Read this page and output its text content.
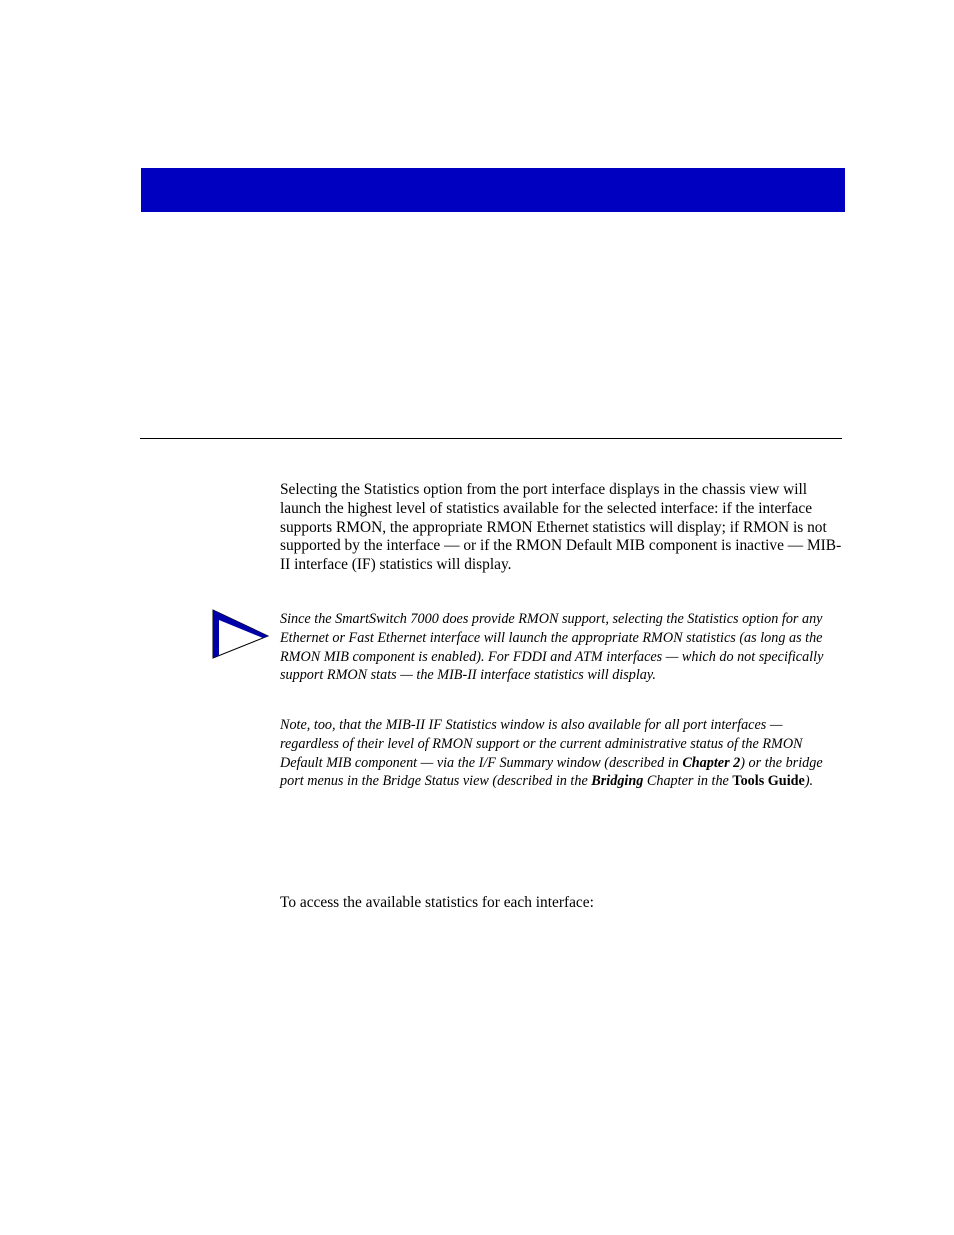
Selecting the Statistics option from the port interface displays in the chassis view will launch the highest level of statistics available for the selected interface: if the interface supports RMON, the appropriate RMON Ethernet statistics will display; if RMON is not supported by the interface — or if the RMON Default MIB component is inactive — MIB-II interface (IF) statistics will display.

Since the SmartSwitch 7000 does provide RMON support, selecting the Statistics option for any Ethernet or Fast Ethernet interface will launch the appropriate RMON statistics (as long as the RMON MIB component is enabled). For FDDI and ATM interfaces — which do not specifically support RMON stats — the MIB-II interface statistics will display.

Note, too, that the MIB-II IF Statistics window is also available for all port interfaces — regardless of their level of RMON support or the current administrative status of the RMON Default MIB component — via the I/F Summary window (described in Chapter 2) or the bridge port menus in the Bridge Status view (described in the Bridging Chapter in the Tools Guide).

To access the available statistics for each interface:
